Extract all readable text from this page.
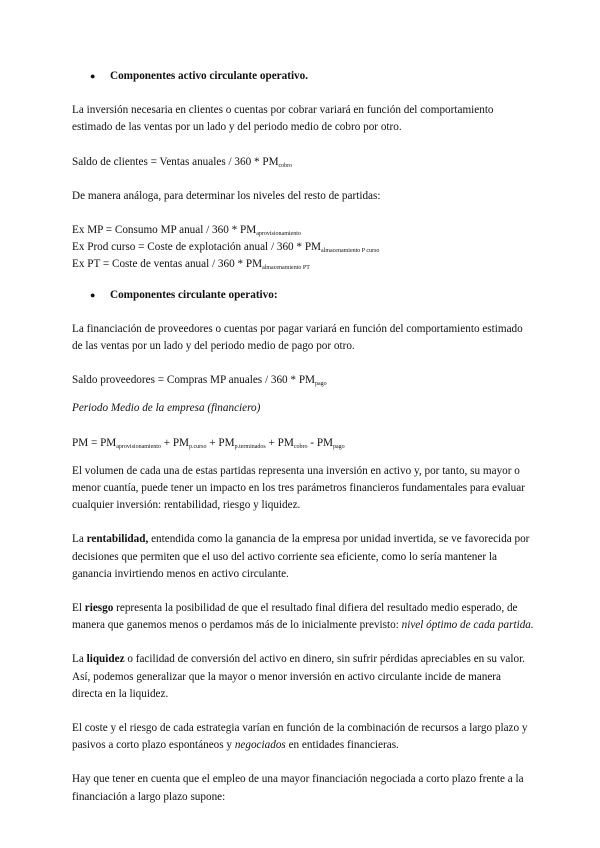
● Componentes activo circulante operativo.

La inversión necesaria en clientes o cuentas por cobrar variará en función del comportamiento estimado de las ventas por un lado y del periodo medio de cobro por otro.

Saldo de clientes = Ventas anuales / $360 * PM_{cobro}$

De manera análoga, para determinar los niveles del resto de partidas:

Ex MP = Consumo MP anual / $360 * PM_{aprovisionamiento}$

Ex Prod curso = Coste de explotación anual / $360 * PM_{almacenamiento P curso}$

Ex PT = Coste de ventas anual / $360 * PM_{almacenamiento PT}$

● Componentes circulante operativo:

La financiación de proveedores o cuentas por pagar variará en función del comportamiento estimado de las ventas por un lado y del periodo medio de pago por otro.

Saldo proveedores = Compras MP anuales / $360 * PM_{pago}$

Periodo Medio de la empresa (financiero)

PM = $PM_{aprovisionamiento} + PM_{p.curso} + PM_{p.terminados} + PM_{cobro} - PM_{pago}$

El volumen de cada una de estas partidas representa una inversión en activo y, por tanto, su mayor o menor cuantía, puede tener un impacto en los tres parámetros financieros fundamentales para evaluar cualquier inversión: rentabilidad, riesgo y liquidez.

La rentabilidad, entendida como la ganancia de la empresa por unidad invertida, se ve favorecida por decisiones que permiten que el uso del activo corriente sea eficiente, como lo sería mantener la ganancia invirtiendo menos en activo circulante.

El riesgo representa la posibilidad de que el resultado final difiera del resultado medio esperado, de manera que ganemos menos o perdamos más de lo inicialmente previsto: nivel óptimo de cada partida.

La liquidez o facilidad de conversión del activo en dinero, sin sufrir pérdidas apreciables en su valor. Así, podemos generalizar que la mayor o menor inversión en activo circulante incide de manera directa en la liquidez.

El coste y el riesgo de cada estrategia varían en función de la combinación de recursos a largo plazo y pasivos a corto plazo espontáneos y negociados en entidades financieras.

Hay que tener en cuenta que el empleo de una mayor financiación negociada a corto plazo frente a la financiación a largo plazo supone:
